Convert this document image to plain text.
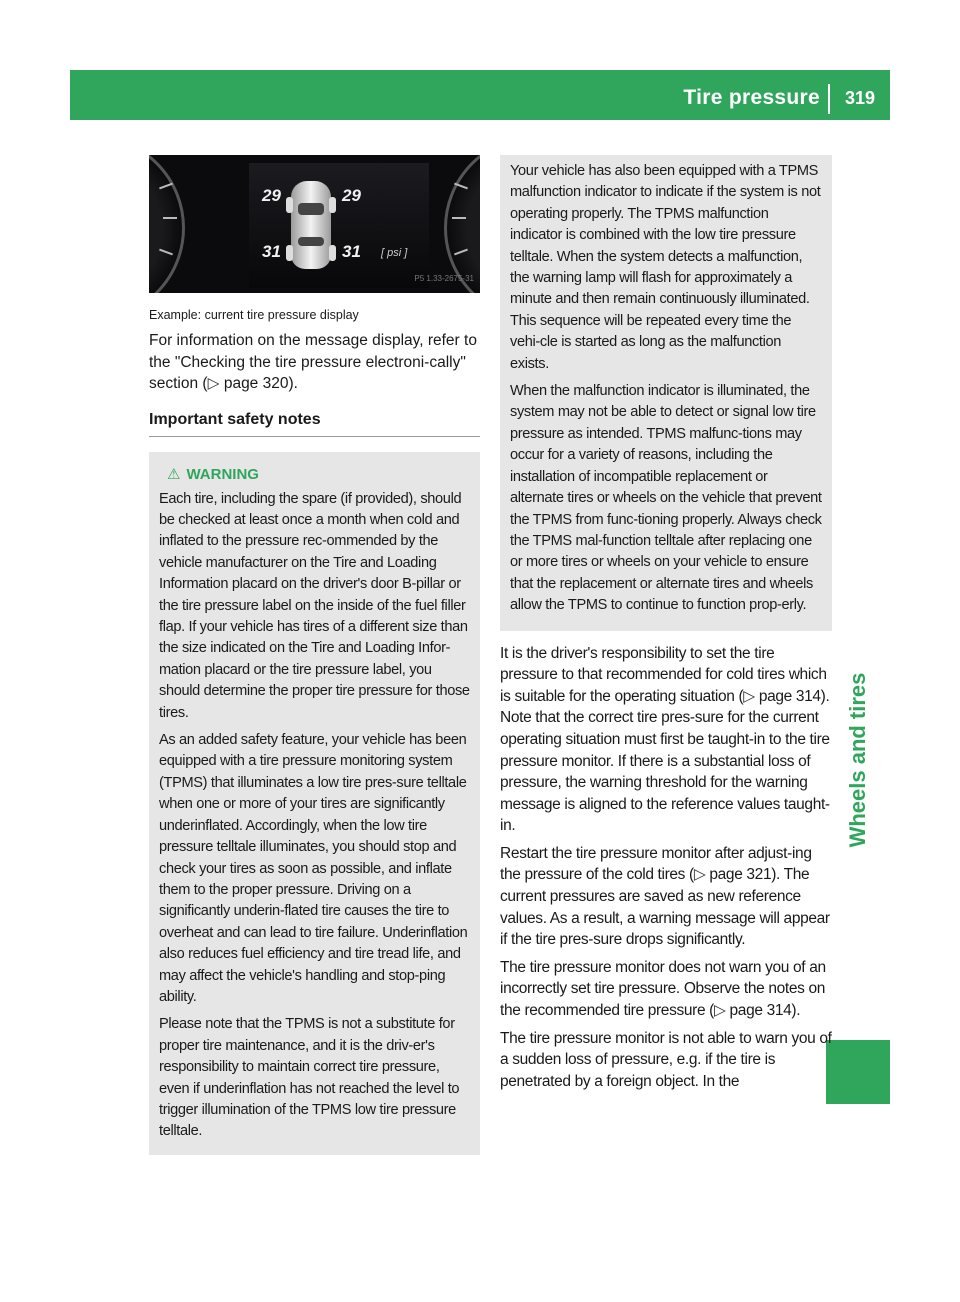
Tire pressure	319
Wheels and tires
29	29
31	31 [ psi ]
P5 1.33-2675-31
Example: current tire pressure display

For information on the message display, refer to the "Checking the tire pressure electroni-cally" section (▷ page 320).

Important safety notes
⚠ WARNING

Each tire, including the spare (if provided), should be checked at least once a month when cold and inflated to the pressure rec-ommended by the vehicle manufacturer on the Tire and Loading Information placard on the driver's door B-pillar or the tire pressure label on the inside of the fuel filler flap. If your vehicle has tires of a different size than the size indicated on the Tire and Loading Infor-mation placard or the tire pressure label, you should determine the proper tire pressure for those tires.

As an added safety feature, your vehicle has been equipped with a tire pressure monitoring system (TPMS) that illuminates a low tire pres-sure telltale when one or more of your tires are significantly underinflated. Accordingly, when the low tire pressure telltale illuminates, you should stop and check your tires as soon as possible, and inflate them to the proper pressure. Driving on a significantly underin-flated tire causes the tire to overheat and can lead to tire failure. Underinflation also reduces fuel efficiency and tire tread life, and may affect the vehicle's handling and stop-ping ability.

Please note that the TPMS is not a substitute for proper tire maintenance, and it is the driv-er's responsibility to maintain correct tire pressure, even if underinflation has not reached the level to trigger illumination of the TPMS low tire pressure telltale.

Your vehicle has also been equipped with a TPMS malfunction indicator to indicate if the system is not operating properly. The TPMS malfunction indicator is combined with the low tire pressure telltale. When the system detects a malfunction, the warning lamp will flash for approximately a minute and then remain continuously illuminated. This sequence will be repeated every time the vehi-cle is started as long as the malfunction exists.

When the malfunction indicator is illuminated, the system may not be able to detect or signal low tire pressure as intended. TPMS malfunc-tions may occur for a variety of reasons, including the installation of incompatible replacement or alternate tires or wheels on the vehicle that prevent the TPMS from func-tioning properly. Always check the TPMS mal-function telltale after replacing one or more tires or wheels on your vehicle to ensure that the replacement or alternate tires and wheels allow the TPMS to continue to function prop-erly.

It is the driver's responsibility to set the tire pressure to that recommended for cold tires which is suitable for the operating situation (▷ page 314). Note that the correct tire pres-sure for the current operating situation must first be taught-in to the tire pressure monitor. If there is a substantial loss of pressure, the warning threshold for the warning message is aligned to the reference values taught-in.

Restart the tire pressure monitor after adjust-ing the pressure of the cold tires (▷ page 321). The current pressures are saved as new reference values. As a result, a warning message will appear if the tire pres-sure drops significantly.

The tire pressure monitor does not warn you of an incorrectly set tire pressure. Observe the notes on the recommended tire pressure (▷ page 314).

The tire pressure monitor is not able to warn you of a sudden loss of pressure, e.g. if the tire is penetrated by a foreign object. In the
